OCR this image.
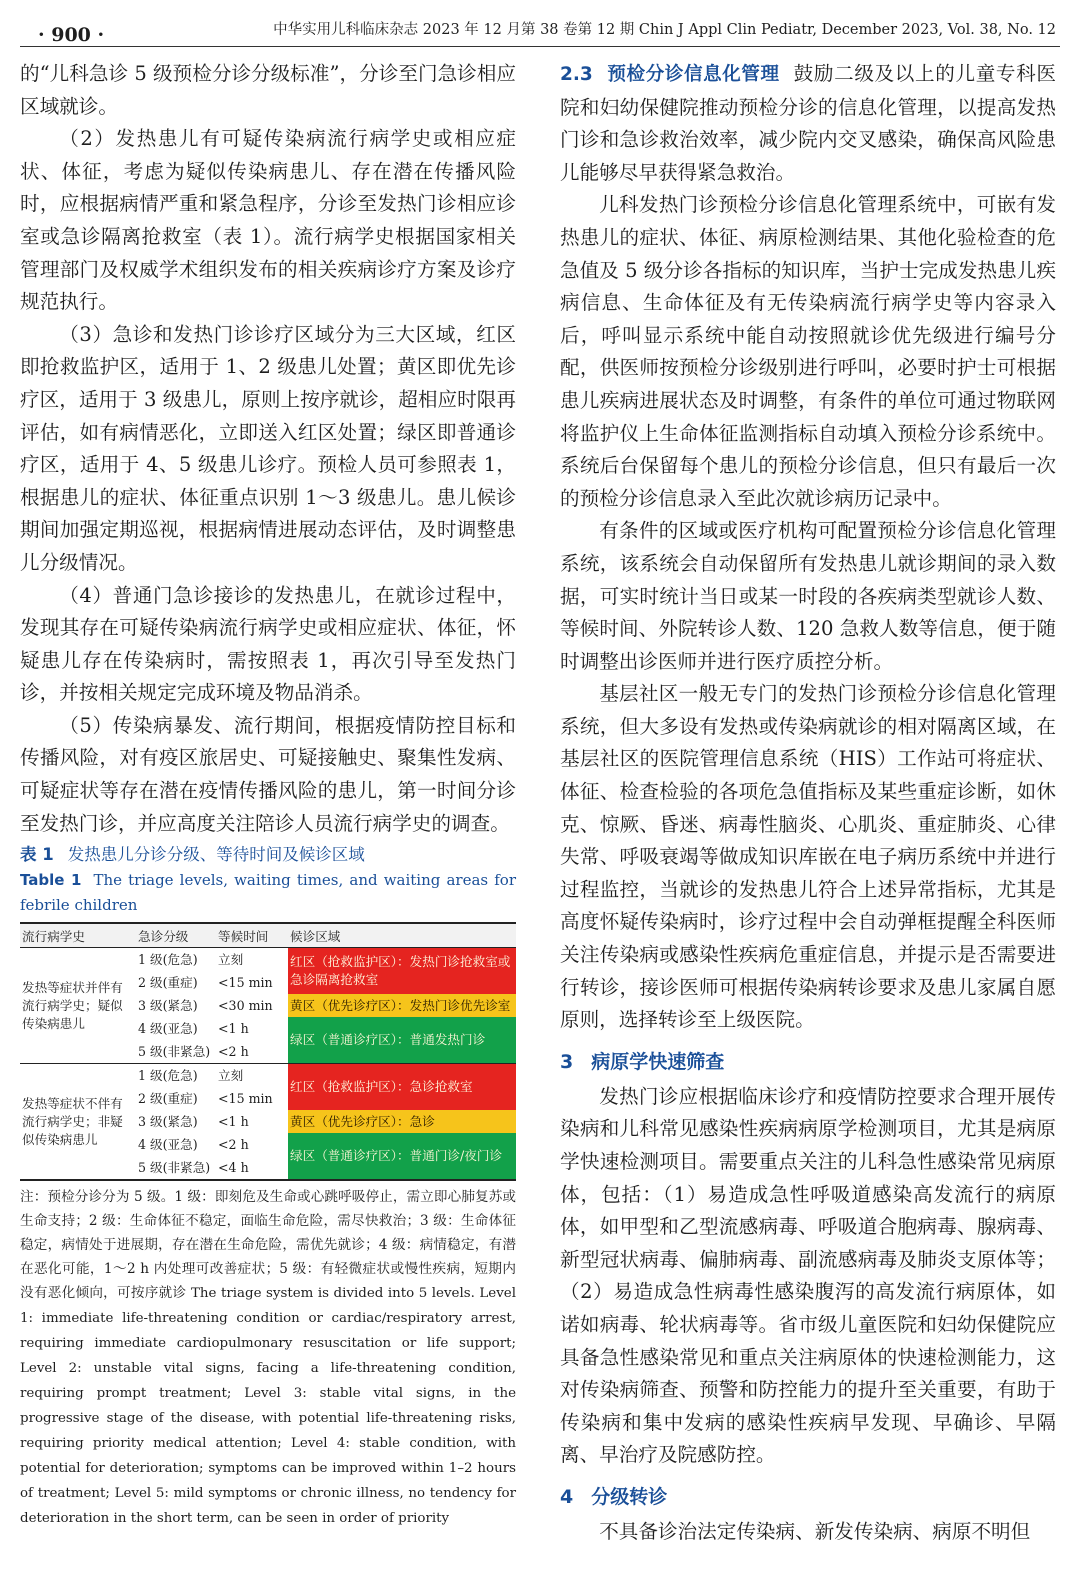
· 900 ·	中华实用儿科临床杂志 2023 年 12 月第 38 卷第 12 期 Chin J Appl Clin Pediatr, December 2023, Vol. 38, No. 12

的“儿科急诊 5 级预检分诊分级标准”，分诊至门急诊相应区域就诊。

（2）发热患儿有可疑传染病流行病学史或相应症状、体征，考虑为疑似传染病患儿、存在潜在传播风险时，应根据病情严重和紧急程序，分诊至发热门诊相应诊室或急诊隔离抢救室（表 1）。流行病学史根据国家相关管理部门及权威学术组织发布的相关疾病诊疗方案及诊疗规范执行。

（3）急诊和发热门诊诊疗区域分为三大区域，红区即抢救监护区，适用于 1、2 级患儿处置；黄区即优先诊疗区，适用于 3 级患儿，原则上按序就诊，超相应时限再评估，如有病情恶化，立即送入红区处置；绿区即普通诊疗区，适用于 4、5 级患儿诊疗。预检人员可参照表 1，根据患儿的症状、体征重点识别 1～3 级患儿。患儿候诊期间加强定期巡视，根据病情进展动态评估，及时调整患儿分级情况。

（4）普通门急诊接诊的发热患儿，在就诊过程中，发现其存在可疑传染病流行病学史或相应症状、体征，怀疑患儿存在传染病时，需按照表 1，再次引导至发热门诊，并按相关规定完成环境及物品消杀。

（5）传染病暴发、流行期间，根据疫情防控目标和传播风险，对有疫区旅居史、可疑接触史、聚集性发病、可疑症状等存在潜在疫情传播风险的患儿，第一时间分诊至发热门诊，并应高度关注陪诊人员流行病学史的调查。

表 1 发热患儿分诊分级、等待时间及候诊区域
Table 1 The triage levels, waiting times, and waiting areas for febrile children
流行病学史	急诊分级	等候时间	候诊区域
发热等症状并伴有流行病学史；疑似传染病患儿	1 级(危急)	立刻	红区（抢救监护区）：发热门诊抢救室或急诊隔离抢救室
	2 级(重症)	<15 min	
	3 级(紧急)	<30 min	黄区（优先诊疗区）：发热门诊优先诊室
	4 级(亚急)	<1 h	绿区（普通诊疗区）：普通发热门诊
	5 级(非紧急)	<2 h	
发热等症状不伴有流行病学史；非疑似传染病患儿	1 级(危急)	立刻	红区（抢救监护区）：急诊抢救室
	2 级(重症)	<15 min	
	3 级(紧急)	<1 h	黄区（优先诊疗区）：急诊
	4 级(亚急)	<2 h	绿区（普通诊疗区）：普通门诊/夜门诊
	5 级(非紧急)	<4 h	
注：预检分诊分为 5 级。1 级：即刻危及生命或心跳呼吸停止，需立即心肺复苏或生命支持；2 级：生命体征不稳定，面临生命危险，需尽快救治；3 级：生命体征稳定，病情处于进展期，存在潜在生命危险，需优先就诊；4 级：病情稳定，有潜在恶化可能，1～2 h 内处理可改善症状；5 级：有轻微症状或慢性疾病，短期内没有恶化倾向，可按序就诊 The triage system is divided into 5 levels. Level 1: immediate life-threatening condition or cardiac/respiratory arrest, requiring immediate cardiopulmonary resuscitation or life support; Level 2: unstable vital signs, facing a life-threatening condition, requiring prompt treatment; Level 3: stable vital signs, in the progressive stage of the disease, with potential life-threatening risks, requiring priority medical attention; Level 4: stable condition, with potential for deterioration; symptoms can be improved within 1–2 hours of treatment; Level 5: mild symptoms or chronic illness, no tendency for deterioration in the short term, can be seen in order of priority

2.3 预检分诊信息化管理 鼓励二级及以上的儿童专科医院和妇幼保健院推动预检分诊的信息化管理，以提高发热门诊和急诊救治效率，减少院内交叉感染，确保高风险患儿能够尽早获得紧急救治。

儿科发热门诊预检分诊信息化管理系统中，可嵌有发热患儿的症状、体征、病原检测结果、其他化验检查的危急值及 5 级分诊各指标的知识库，当护士完成发热患儿疾病信息、生命体征及有无传染病流行病学史等内容录入后，呼叫显示系统中能自动按照就诊优先级进行编号分配，供医师按预检分诊级别进行呼叫，必要时护士可根据患儿疾病进展状态及时调整，有条件的单位可通过物联网将监护仪上生命体征监测指标自动填入预检分诊系统中。系统后台保留每个患儿的预检分诊信息，但只有最后一次的预检分诊信息录入至此次就诊病历记录中。

有条件的区域或医疗机构可配置预检分诊信息化管理系统，该系统会自动保留所有发热患儿就诊期间的录入数据，可实时统计当日或某一时段的各疾病类型就诊人数、等候时间、外院转诊人数、120 急救人数等信息，便于随时调整出诊医师并进行医疗质控分析。

基层社区一般无专门的发热门诊预检分诊信息化管理系统，但大多设有发热或传染病就诊的相对隔离区域，在基层社区的医院管理信息系统（HIS）工作站可将症状、体征、检查检验的各项危急值指标及某些重症诊断，如休克、惊厥、昏迷、病毒性脑炎、心肌炎、重症肺炎、心律失常、呼吸衰竭等做成知识库嵌在电子病历系统中并进行过程监控，当就诊的发热患儿符合上述异常指标，尤其是高度怀疑传染病时，诊疗过程中会自动弹框提醒全科医师关注传染病或感染性疾病危重症信息，并提示是否需要进行转诊，接诊医师可根据传染病转诊要求及患儿家属自愿原则，选择转诊至上级医院。

3 病原学快速筛查

发热门诊应根据临床诊疗和疫情防控要求合理开展传染病和儿科常见感染性疾病病原学检测项目，尤其是病原学快速检测项目。需要重点关注的儿科急性感染常见病原体，包括：（1）易造成急性呼吸道感染高发流行的病原体，如甲型和乙型流感病毒、呼吸道合胞病毒、腺病毒、新型冠状病毒、偏肺病毒、副流感病毒及肺炎支原体等；（2）易造成急性病毒性感染腹泻的高发流行病原体，如诺如病毒、轮状病毒等。省市级儿童医院和妇幼保健院应具备急性感染常见和重点关注病原体的快速检测能力，这对传染病筛查、预警和防控能力的提升至关重要，有助于传染病和集中发病的感染性疾病早发现、早确诊、早隔离、早治疗及院感防控。

4 分级转诊

不具备诊治法定传染病、新发传染病、病原不明但
